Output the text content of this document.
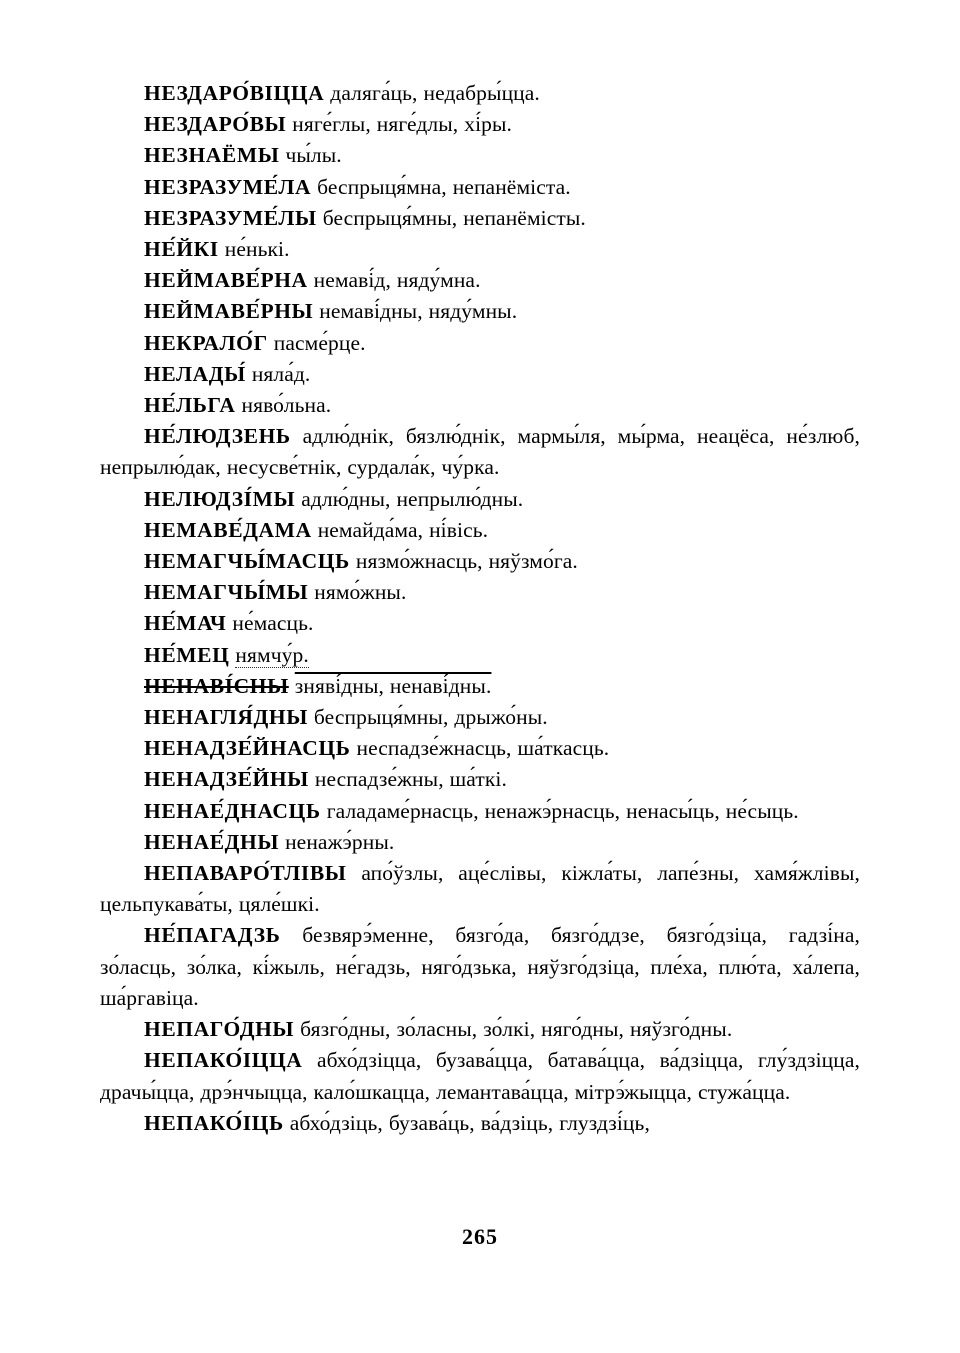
НЕЗДАРО́ВІЦЦА даляга́ць, недабры́цца.

НЕЗДАРО́ВЫ няге́глы, няге́длы, хі́ры.

НЕЗНАЁМЫ чы́лы.

НЕЗРАЗУМЕ́ЛА беспрыця́мна, непанёміста.

НЕЗРАЗУМЕ́ЛЫ беспрыця́мны, непанёмісты.

НЕ́ЙКІ не́нькі.

НЕЙМАВЕ́РНА немаві́д, няду́мна.

НЕЙМАВЕ́РНЫ немаві́дны, няду́мны.

НЕКРАЛО́Г пасме́рце.

НЕЛАДЫ́ няла́д.

НЕ́ЛЬГА няво́льна.

НЕ́ЛЮДЗЕНЬ адлю́днік, бязлю́днік, мармы́ля, мы́рма, неацёса, не́злюб, непрылю́дак, несусве́тнік, сурдала́к, чу́рка.

НЕЛЮДЗІ́МЫ адлю́дны, непрылю́дны.

НЕМАВЕ́ДАМА немайда́ма, ні́вісь.

НЕМАГЧЫ́МАСЦЬ нязмо́жнасць, няўзмо́га.

НЕМАГЧЫ́МЫ нямо́жны.

НЕ́МАЧ не́масць.

НЕ́МЕЦ нямчу́р.

НЕНАВІ́СНЫ зняві́дны, ненаві́дны.

НЕНАГЛЯ́ДНЫ беспрыця́мны, дрыжо́ны.

НЕНАДЗЕ́ЙНАСЦЬ неспадзе́жнасць, ша́ткасць.

НЕНАДЗЕ́ЙНЫ неспадзе́жны, ша́ткі.

НЕНАЕ́ДНАСЦЬ галадаме́рнасць, ненажэ́рнасць, ненасы́ць, не́сыць.

НЕНАЕ́ДНЫ ненажэ́рны.

НЕПАВАРО́ТЛІВЫ апо́ўзлы, аце́слівы, кіжла́ты, лапе́зны, хамя́жлівы, цельпукава́ты, цяле́шкі.

НЕ́ПАГАДЗЬ безвярэ́менне, бязго́да, бязго́ддзе, бязго́дзіца, гадзі́на, зо́ласць, зо́лка, кі́жыль, не́гадзь, няго́дзька, няўзго́дзіца, пле́ха, плю́та, ха́лепа, ша́ргавіца.

НЕПАГО́ДНЫ бязго́дны, зо́ласны, зо́лкі, няго́дны, няўзго́дны.

НЕПАКО́ІЦЦА абхо́дзіцца, бузава́цца, батава́цца, ва́дзіцца, глу́здзіцца, драчы́цца, дрэ́нчыцца, кало́шкацца, лемантава́цца, мітрэ́жыцца, стужа́цца.

НЕПАКО́ІЦЬ абхо́дзіць, бузава́ць, ва́дзіць, глуздзі́ць,

265
